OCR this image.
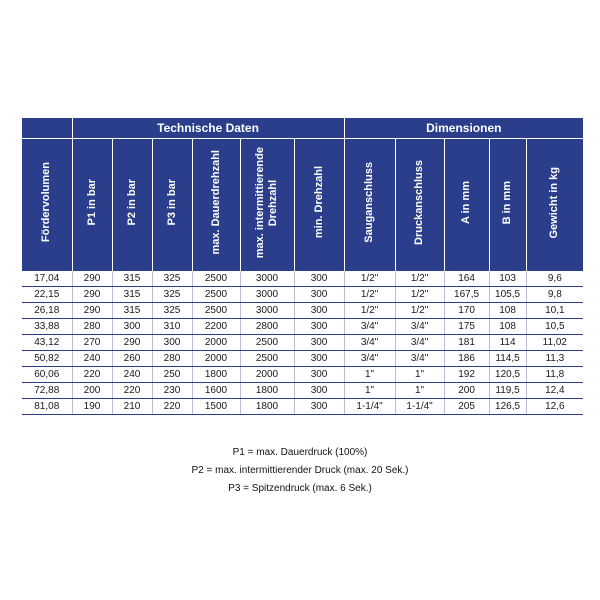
	Technische Daten						Dimensionen				
Fördervolumen	P1 in bar	P2 in bar	P3 in bar	max. Dauerdrehzahl	max. intermittierende
Drehzahl	min. Drehzahl	Sauganschluss	Druckanschluss	A in mm	B in mm	Gewicht in kg
17,04	290	315	325	2500	3000	300	1/2"	1/2"	164	103	9,6
22,15	290	315	325	2500	3000	300	1/2"	1/2"	167,5	105,5	9,8
26,18	290	315	325	2500	3000	300	1/2"	1/2"	170	108	10,1
33,88	280	300	310	2200	2800	300	3/4"	3/4"	175	108	10,5
43,12	270	290	300	2000	2500	300	3/4"	3/4"	181	114	11,02
50,82	240	260	280	2000	2500	300	3/4"	3/4"	186	114,5	11,3
60,06	220	240	250	1800	2000	300	1"	1"	192	120,5	11,8
72,88	200	220	230	1600	1800	300	1"	1"	200	119,5	12,4
81,08	190	210	220	1500	1800	300	1-1/4"	1-1/4"	205	126,5	12,6
P1 = max. Dauerdruck (100%)
P2 = max. intermittierender Druck (max. 20 Sek.)
P3 = Spitzendruck (max. 6 Sek.)
